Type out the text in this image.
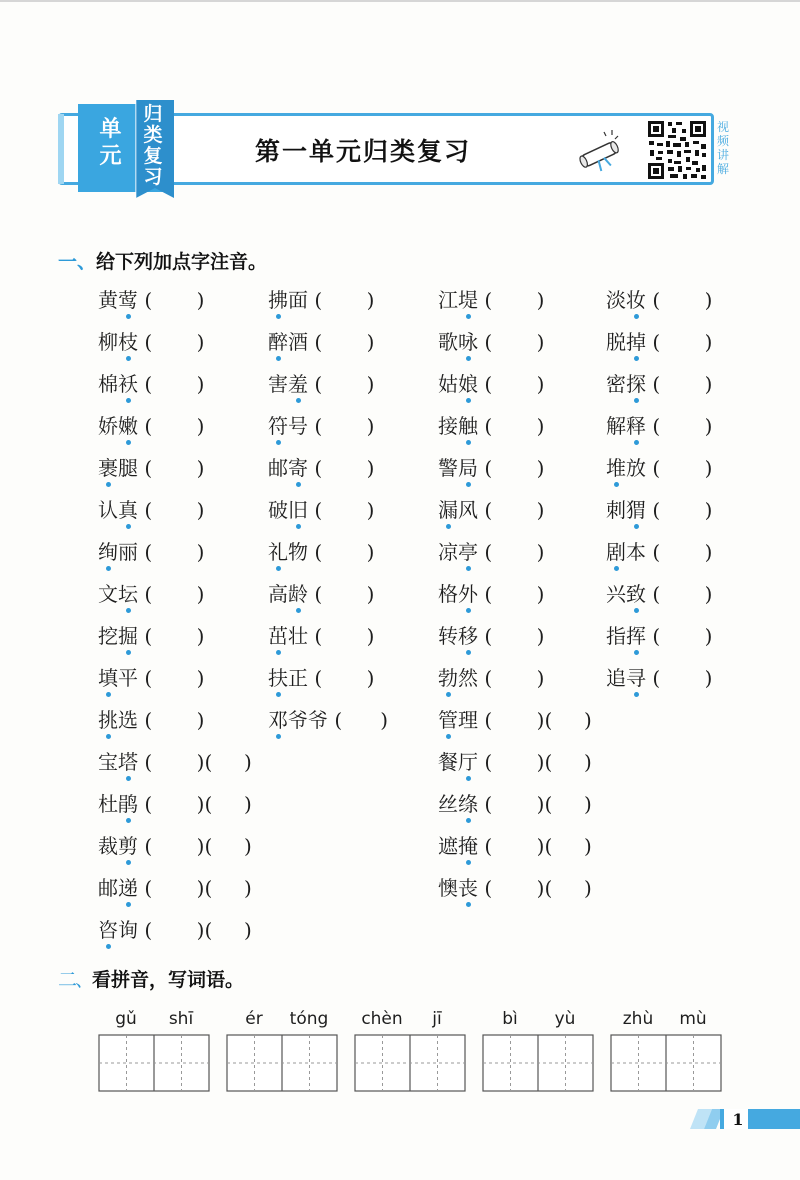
单
元
归
类
复
习
第一单元归类复习
视
频
讲
解
一、给下列加点字注音。
黄莺 (       )	拂面 (       )	江堤 (       )	淡妆 (       )
柳枝 (       )	醉酒 (       )	歌咏 (       )	脱掉 (       )
棉袄 (       )	害羞 (       )	姑娘 (       )	密探 (       )
娇嫩 (       )	符号 (       )	接触 (       )	解释 (       )
裹腿 (       )	邮寄 (       )	警局 (       )	堆放 (       )
认真 (       )	破旧 (       )	漏风 (       )	刺猬 (       )
绚丽 (       )	礼物 (       )	凉亭 (       )	剧本 (       )
文坛 (       )	高龄 (       )	格外 (       )	兴致 (       )
挖掘 (       )	茁壮 (       )	转移 (       )	指挥 (       )
填平 (       )	扶正 (       )	勃然 (       )	追寻 (       )
挑选 (       )	邓爷爷 (      ) 管理 (       )(     )
宝塔 (       )(     )	餐厅 (       )(     )
杜鹃 (       )(     )	丝绦 (       )(     )
裁剪 (       )(     )	遮掩 (       )(     )
邮递 (       )(     )	懊丧 (       )(     )
咨询 (       )(     )
二、看拼音，写词语。
gǔ	shī	ér	tóng	chèn	jī	bì	yù	zhù	mù
1
